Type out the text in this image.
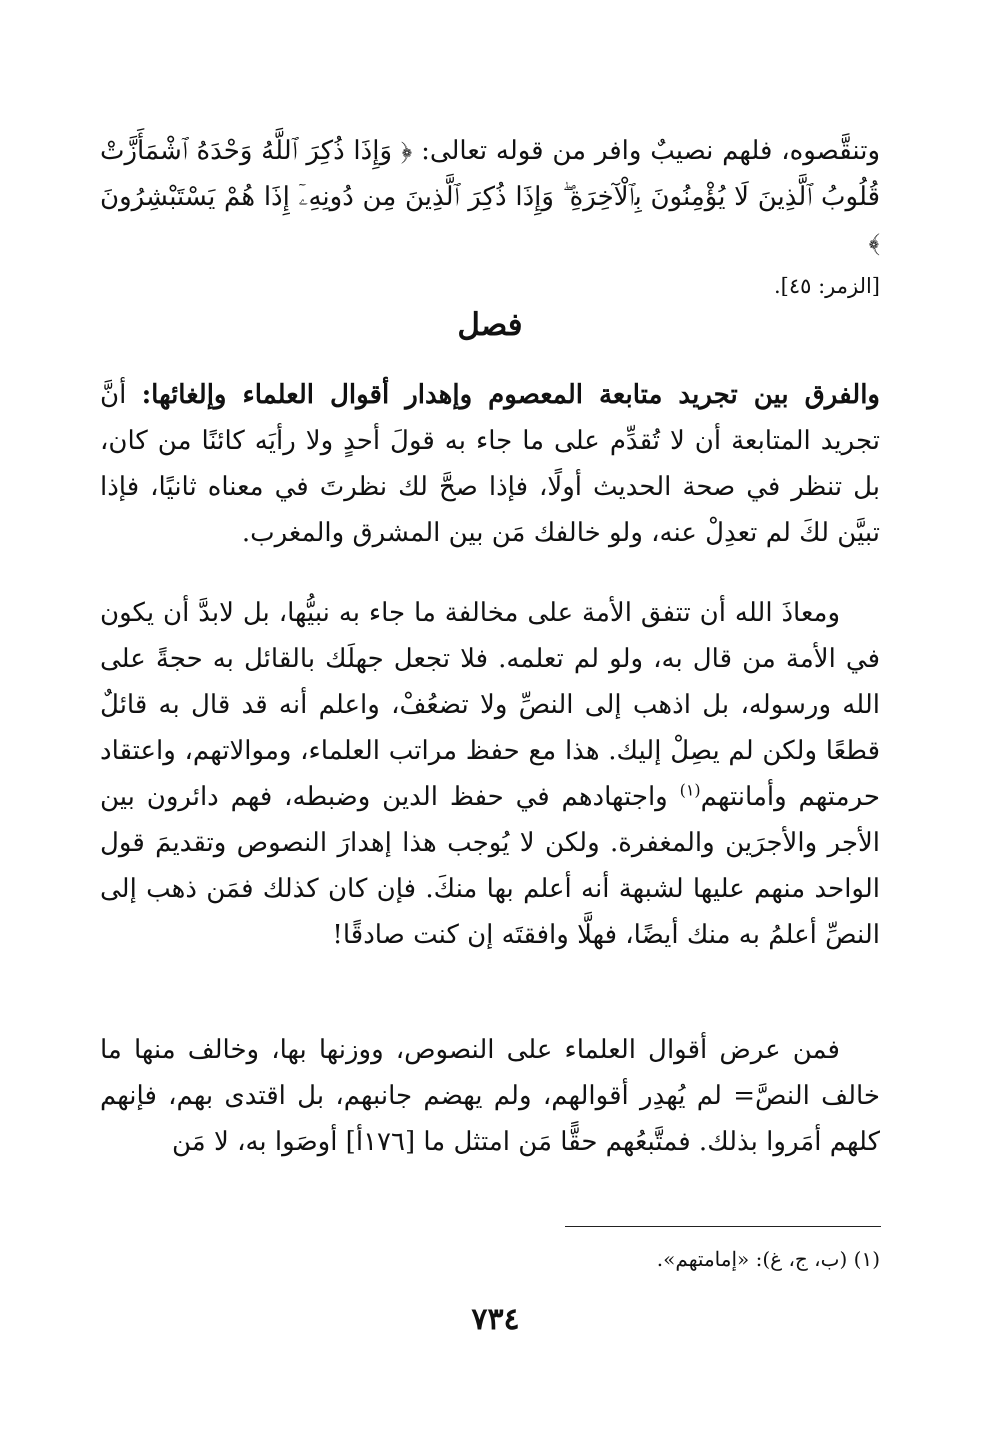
وتنقَّصوه، فلهم نصيبٌ وافر من قوله تعالى: ﴿ وَإِذَا ذُكِرَ ٱللَّهُ وَحْدَهُ ٱشْمَأَزَّتْ قُلُوبُ ٱلَّذِينَ لَا يُؤْمِنُونَ بِٱلْآخِرَةِ ۖ وَإِذَا ذُكِرَ ٱلَّذِينَ مِن دُونِهِۦٓ إِذَا هُمْ يَسْتَبْشِرُونَ ﴾
[الزمر: ٤٥].
فصل
والفرق بين تجريد متابعة المعصوم وإهدار أقوال العلماء وإلغائها: أنَّ تجريد المتابعة أن لا تُقدِّم على ما جاء به قولَ أحدٍ ولا رأيَه كائنًا من كان، بل تنظر في صحة الحديث أولًا، فإذا صحَّ لك نظرتَ في معناه ثانيًا، فإذا تبيَّن لكَ لم تعدِلْ عنه، ولو خالفك مَن بين المشرق والمغرب.
ومعاذَ الله أن تتفق الأمة على مخالفة ما جاء به نبيُّها، بل لابدَّ أن يكون في الأمة من قال به، ولو لم تعلمه. فلا تجعل جهلَك بالقائل به حجةً على الله ورسوله، بل اذهب إلى النصِّ ولا تضعُفْ، واعلم أنه قد قال به قائلٌ قطعًا ولكن لم يصِلْ إليك. هذا مع حفظ مراتب العلماء، وموالاتهم، واعتقاد حرمتهم وأمانتهم$^{(١)}$ واجتهادهم في حفظ الدين وضبطه، فهم دائرون بين الأجر والأجرَين والمغفرة. ولكن لا يُوجب هذا إهدارَ النصوص وتقديمَ قول الواحد منهم عليها لشبهة أنه أعلم بها منكَ. فإن كان كذلك فمَن ذهب إلى النصِّ أعلمُ به منك أيضًا، فهلَّا وافقتَه إن كنت صادقًا!
فمن عرض أقوال العلماء على النصوص، ووزنها بها، وخالف منها ما خالف النصَّ= لم يُهدِر أقوالهم، ولم يهضم جانبهم، بل اقتدى بهم، فإنهم كلهم أمَروا بذلك. فمتَّبعُهم حقًّا مَن امتثل ما [١٧٦أ] أوصَوا به، لا مَن
(١) (ب، ج، غ): «إمامتهم».
٧٣٤
